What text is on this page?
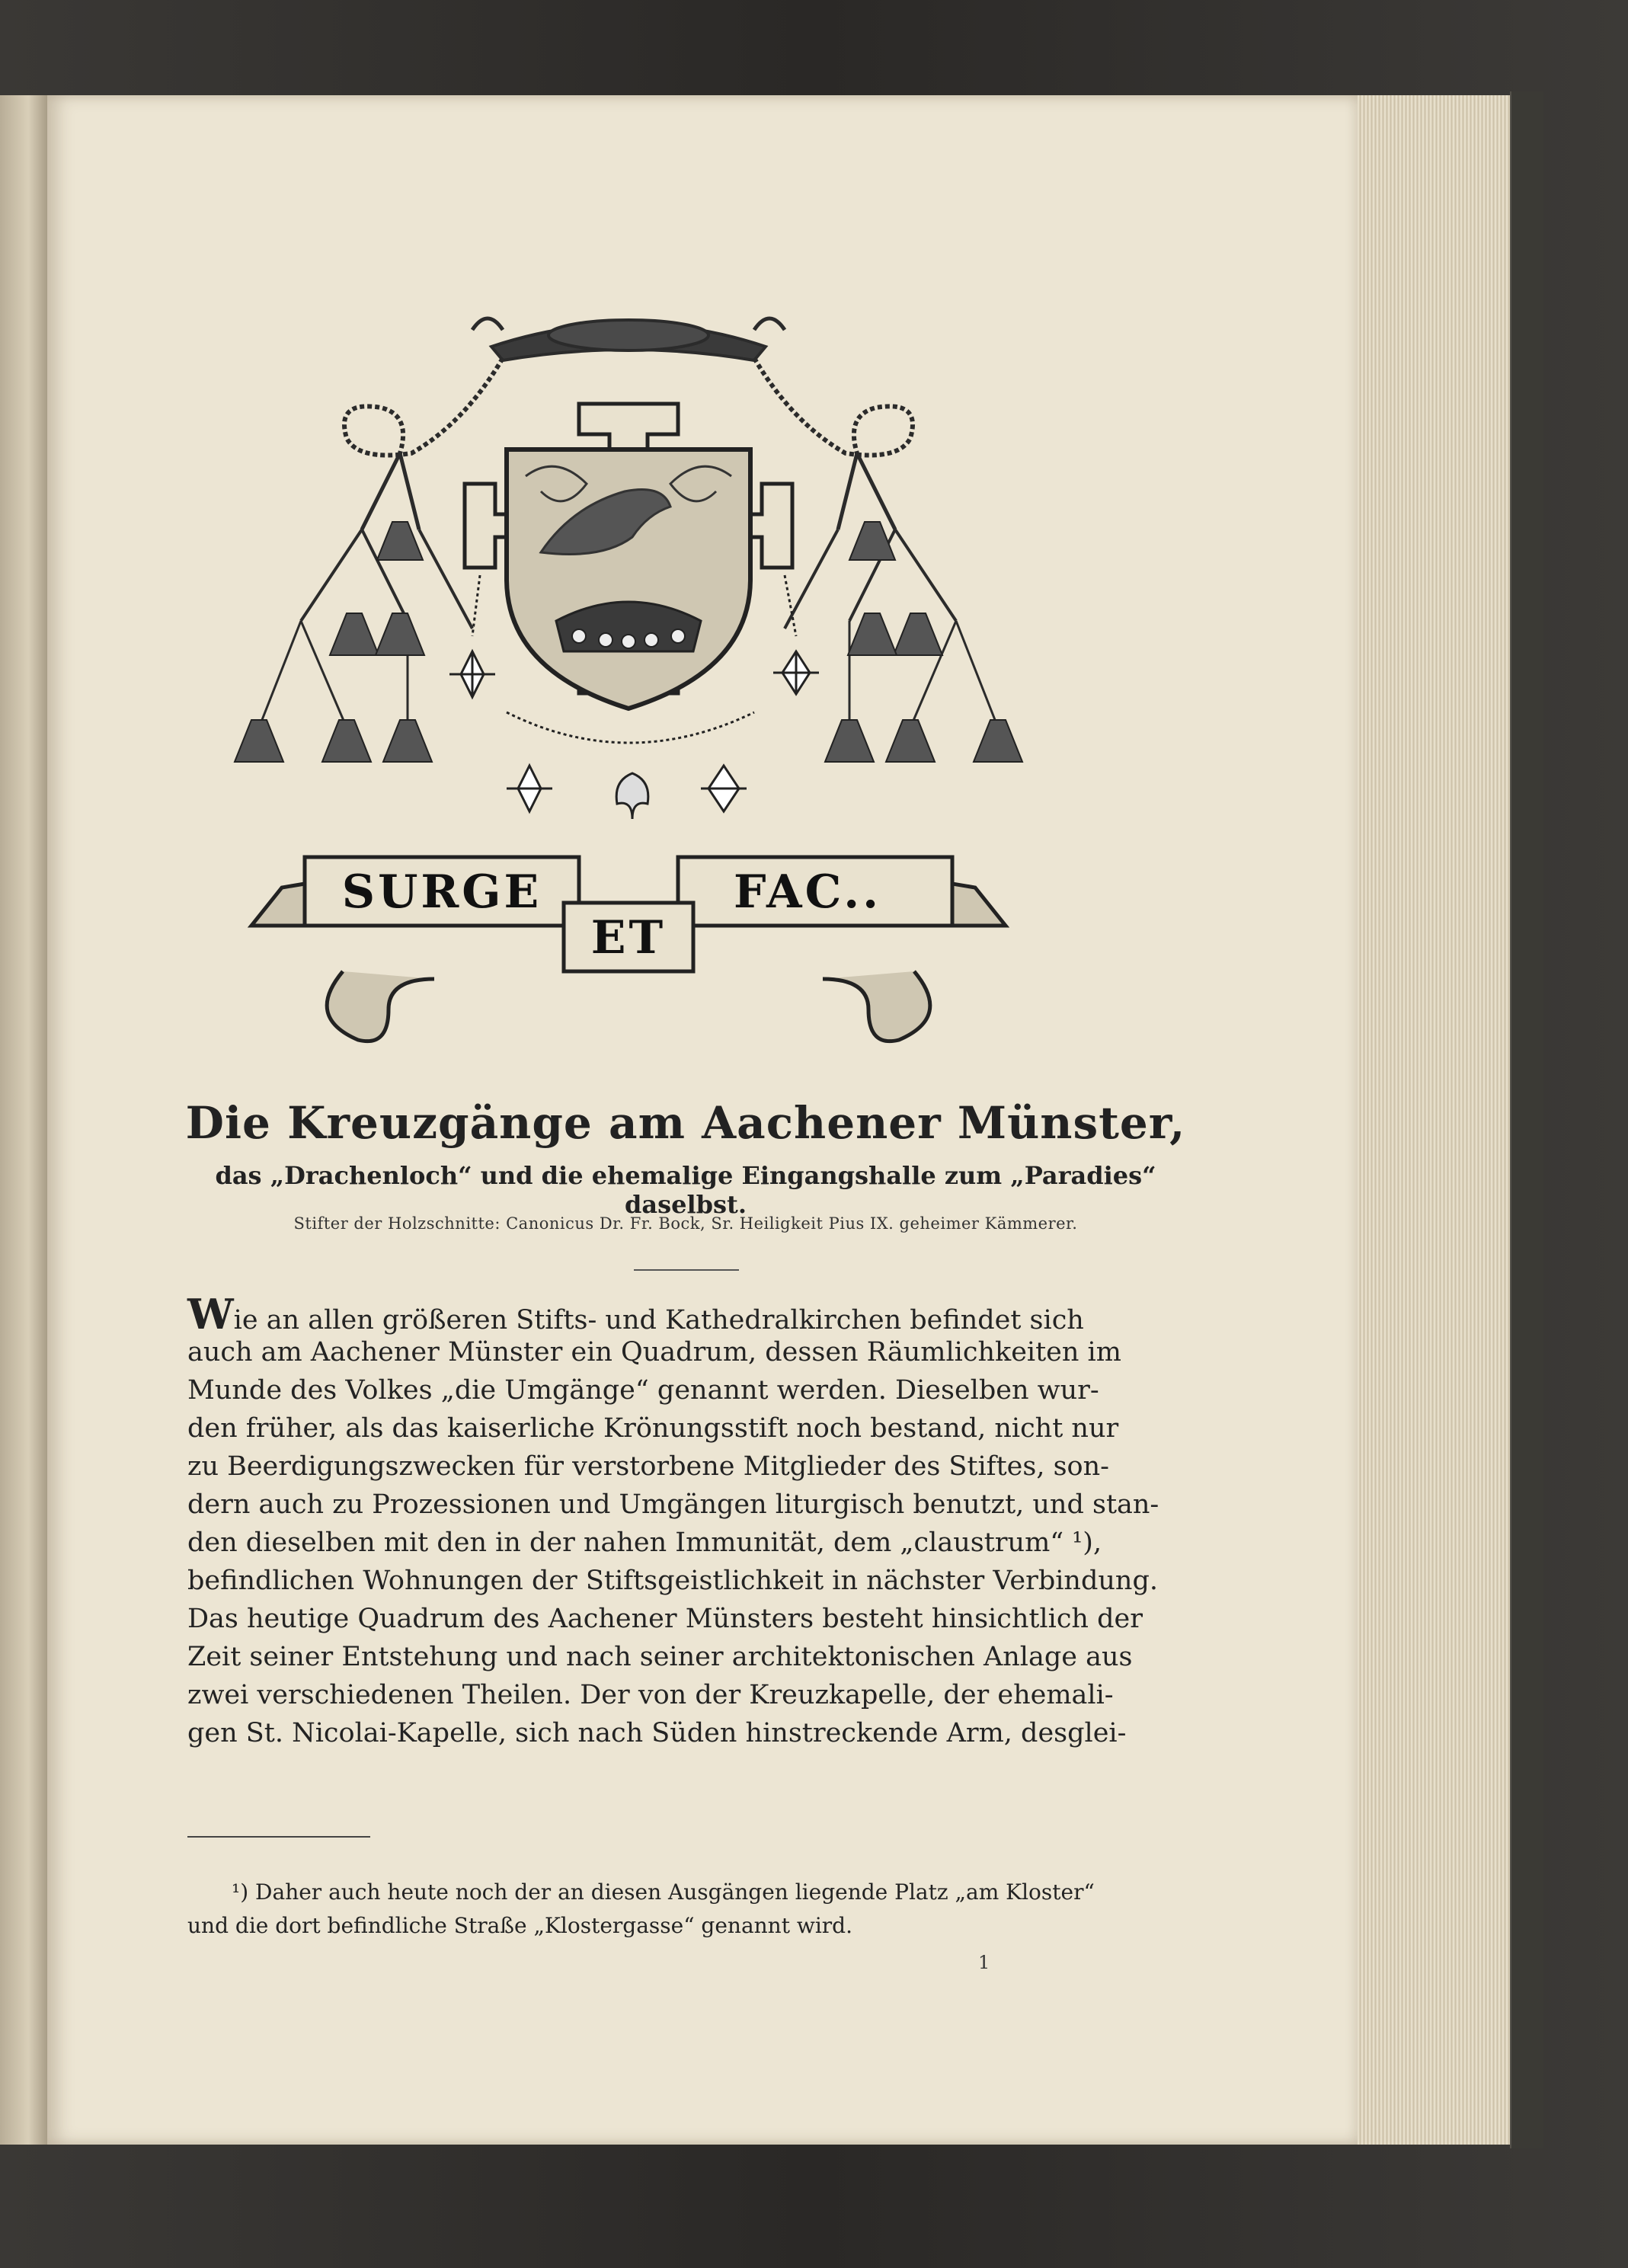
SURGE
ET
FAC..
Die Kreuzgänge am Aachener Münster,
das „Drachenloch“ und die ehemalige Eingangshalle zum „Paradies“ daselbst.
Stifter der Holzschnitte: Canonicus Dr. Fr. Bock, Sr. Heiligkeit Pius IX. geheimer Kämmerer.
Wie an allen größeren Stifts- und Kathedralkirchen befindet sich
auch am Aachener Münster ein Quadrum, dessen Räumlichkeiten im
Munde des Volkes „die Umgänge“ genannt werden. Dieselben wur-
den früher, als das kaiserliche Krönungsstift noch bestand, nicht nur
zu Beerdigungszwecken für verstorbene Mitglieder des Stiftes, son-
dern auch zu Prozessionen und Umgängen liturgisch benutzt, und stan-
den dieselben mit den in der nahen Immunität, dem „claustrum“ ¹),
befindlichen Wohnungen der Stiftsgeistlichkeit in nächster Verbindung.
Das heutige Quadrum des Aachener Münsters besteht hinsichtlich der
Zeit seiner Entstehung und nach seiner architektonischen Anlage aus
zwei verschiedenen Theilen. Der von der Kreuzkapelle, der ehemali-
gen St. Nicolai-Kapelle, sich nach Süden hinstreckende Arm, desglei-
¹) Daher auch heute noch der an diesen Ausgängen liegende Platz „am Kloster“
und die dort befindliche Straße „Klostergasse“ genannt wird.
1
